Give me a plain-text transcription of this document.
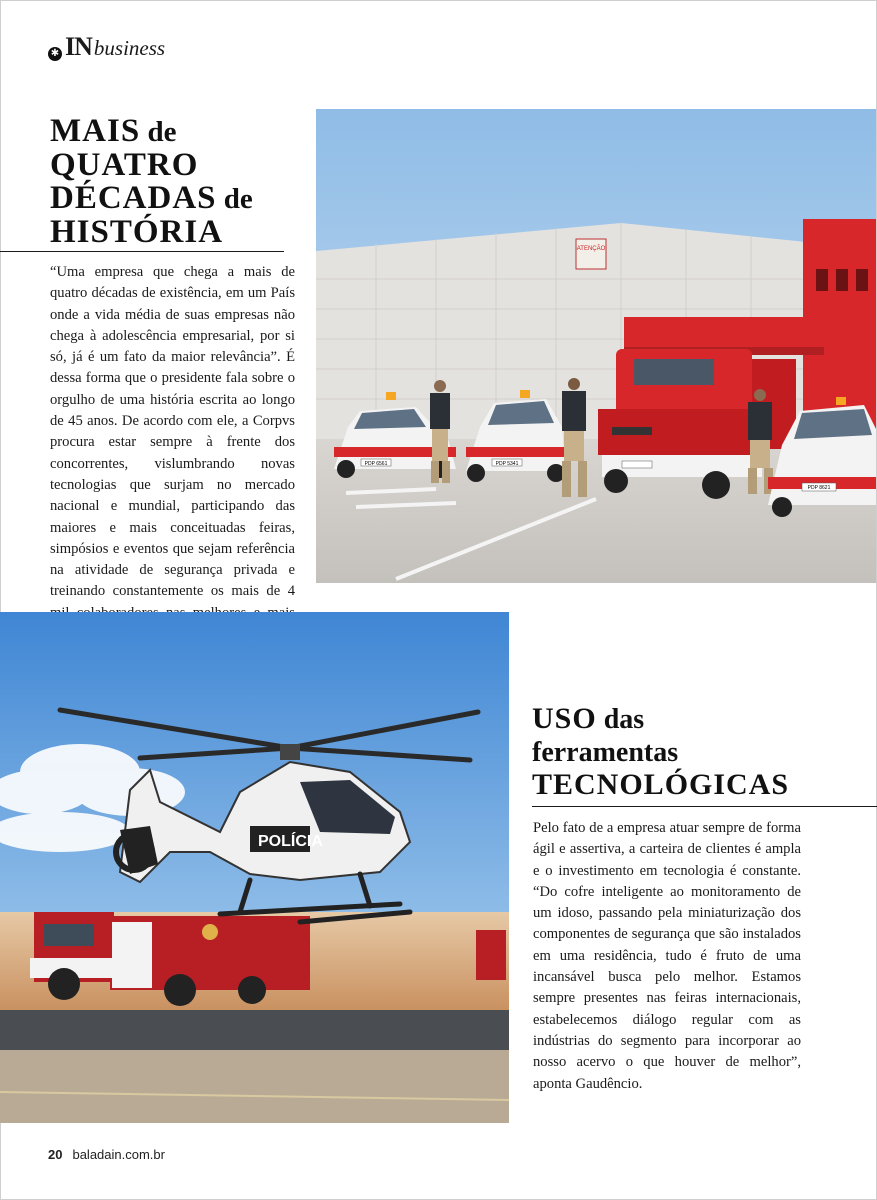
✱ IN business
MAIS de
QUATRO
DÉCADAS de
HISTÓRIA

“Uma empresa que chega a mais de quatro décadas de existência, em um País onde a vida média de suas empresas não chega à adolescência empresarial, por si só, já é um fato da maior relevância”. É dessa forma que o presidente fala sobre o orgulho de uma história escrita ao longo de 45 anos. De acordo com ele, a Corpvs procura estar sempre à frente dos concorrentes, vislumbrando novas tecnologias que surjam no mercado nacional e mundial, participando das maiores e mais conceituadas feiras, simpósios e eventos que sejam referência na atividade de segurança privada e treinando constantemente os mais de 4

ATENÇÃO
PDP 6561	PDP 5341
PDP 8621
POLÍCIA
USO das
ferramentas
TECNOLÓGICAS

Pelo fato de a empresa atuar sempre de forma ágil e assertiva, a carteira de clientes é ampla e o investimento em tecnologia é constante. “Do cofre inteligente ao monitoramento de um idoso, passando pela miniaturização dos componentes de segurança que são instalados em uma residência, tudo é fruto de uma incansável busca pelo melhor. Estamos sempre presentes nas feiras internacionais, estabelecemos diálogo regular com as indústrias do segmento para incorporar ao nosso acervo o que houver de melhor”, aponta Gaudêncio.

20 baladain.com.br
